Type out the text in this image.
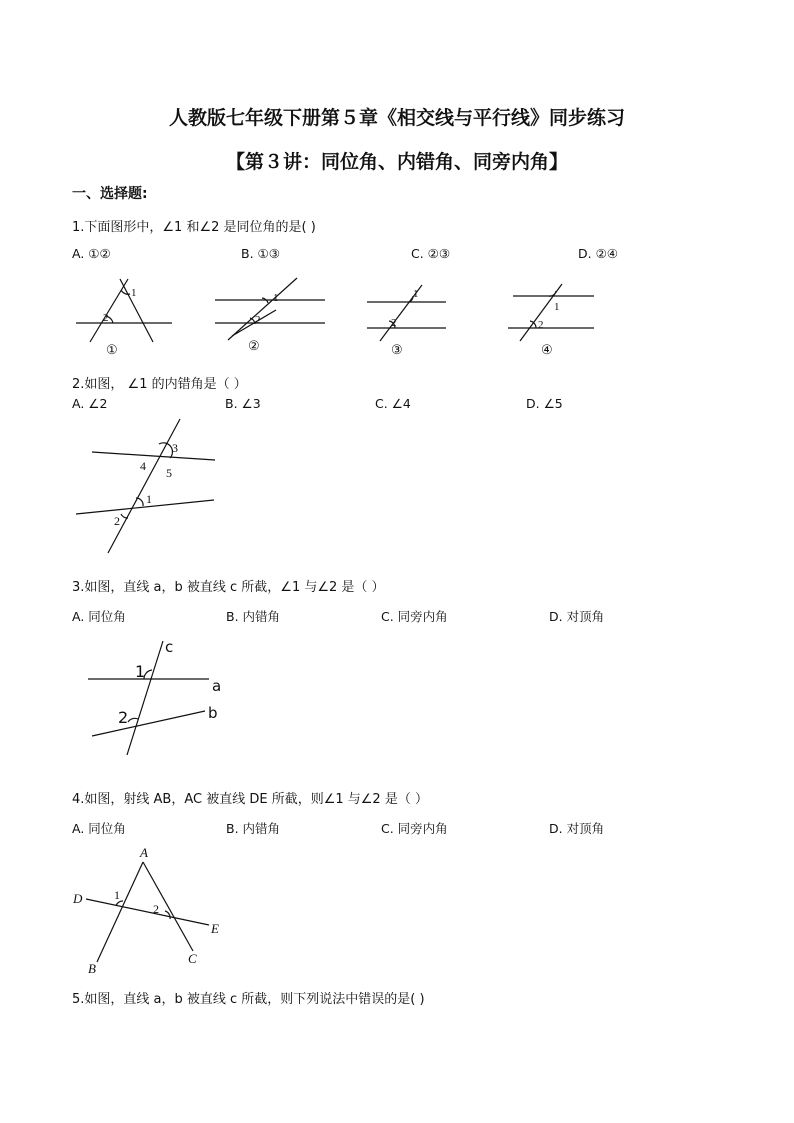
人教版七年级下册第５章《相交线与平行线》同步练习
【第３讲：同位角、内错角、同旁内角】
一、选择题:
1.下面图形中，∠1 和∠2 是同位角的是( )
A. ①②	B. ①③	C. ②③	D. ②④
1
2
①
1
2
②
1
2
③
1
2
④
2.如图， ∠1 的内错角是（ ）
A. ∠2	B. ∠3	C. ∠4	D. ∠5
3
4 5
1
2
3.如图，直线 a，b 被直线 c 所截，∠1 与∠2 是（ ）
A. 同位角	B. 内错角	C. 同旁内角	D. 对顶角
c
a
b
1
2
4.如图，射线 AB，AC 被直线 DE 所截，则∠1 与∠2 是（ ）
A. 同位角	B. 内错角	C. 同旁内角	D. 对顶角
A
D
E
B
C
1
2
5.如图，直线 a，b 被直线 c 所截，则下列说法中错误的是( )
